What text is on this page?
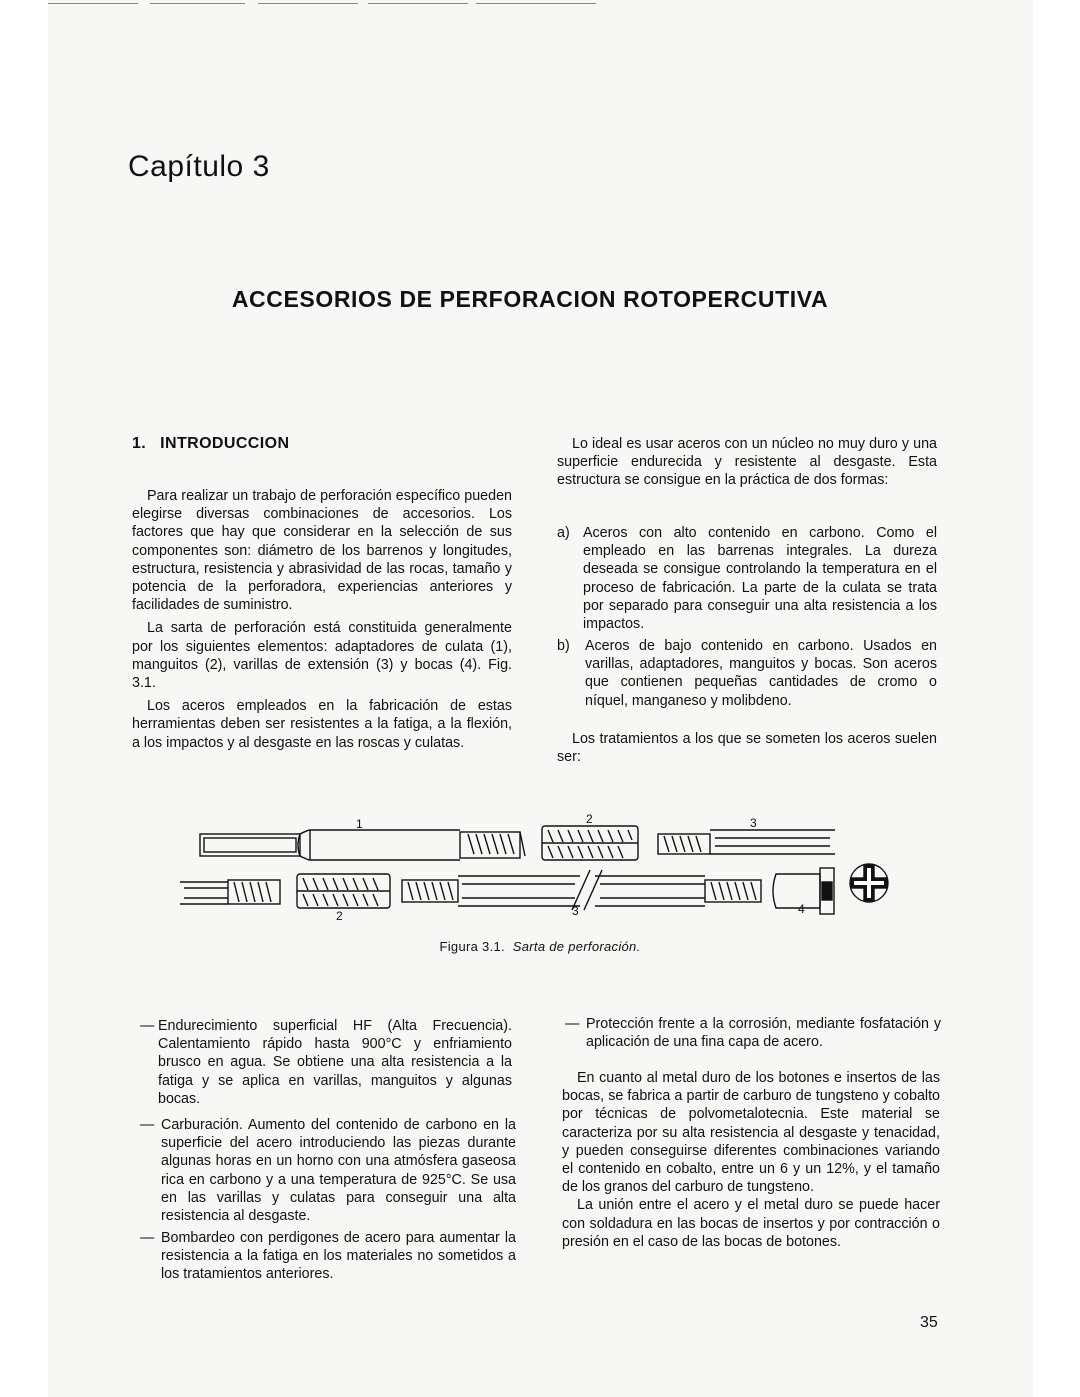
Capítulo 3
ACCESORIOS DE PERFORACION ROTOPERCUTIVA
1. INTRODUCCION

Para realizar un trabajo de perforación específico pueden elegirse diversas combinaciones de accesorios. Los factores que hay que considerar en la selección de sus componentes son: diámetro de los barrenos y longitudes, estructura, resistencia y abrasividad de las rocas, tamaño y potencia de la perforadora, experiencias anteriores y facilidades de suministro.

La sarta de perforación está constituida generalmente por los siguientes elementos: adaptadores de culata (1), manguitos (2), varillas de extensión (3) y bocas (4). Fig. 3.1.

Los aceros empleados en la fabricación de estas herramientas deben ser resistentes a la fatiga, a la flexión, a los impactos y al desgaste en las roscas y culatas.

Lo ideal es usar aceros con un núcleo no muy duro y una superficie endurecida y resistente al desgaste. Esta estructura se consigue en la práctica de dos formas:

a) Aceros con alto contenido en carbono. Como el empleado en las barrenas integrales. La dureza deseada se consigue controlando la temperatura en el proceso de fabricación. La parte de la culata se trata por separado para conseguir una alta resistencia a los impactos.
b) Aceros de bajo contenido en carbono. Usados en varillas, adaptadores, manguitos y bocas. Son aceros que contienen pequeñas cantidades de cromo o níquel, manganeso y molibdeno.

Los tratamientos a los que se someten los aceros suelen ser:

1	2	3
2	3	4
Figura 3.1. Sarta de perforación.
— Endurecimiento superficial HF (Alta Frecuencia). Calentamiento rápido hasta 900°C y enfriamiento brusco en agua. Se obtiene una alta resistencia a la fatiga y se aplica en varillas, manguitos y algunas bocas.
— Carburación. Aumento del contenido de carbono en la superficie del acero introduciendo las piezas durante algunas horas en un horno con una atmósfera gaseosa rica en carbono y a una temperatura de 925°C. Se usa en las varillas y culatas para conseguir una alta resistencia al desgaste.
— Bombardeo con perdigones de acero para aumentar la resistencia a la fatiga en los materiales no sometidos a los tratamientos anteriores.
— Protección frente a la corrosión, mediante fosfatación y aplicación de una fina capa de acero.

En cuanto al metal duro de los botones e insertos de las bocas, se fabrica a partir de carburo de tungsteno y cobalto por técnicas de polvometalotecnia. Este material se caracteriza por su alta resistencia al desgaste y tenacidad, y pueden conseguirse diferentes combinaciones variando el contenido en cobalto, entre un 6 y un 12%, y el tamaño de los granos del carburo de tungsteno.

La unión entre el acero y el metal duro se puede hacer con soldadura en las bocas de insertos y por contracción o presión en el caso de las bocas de botones.

35
